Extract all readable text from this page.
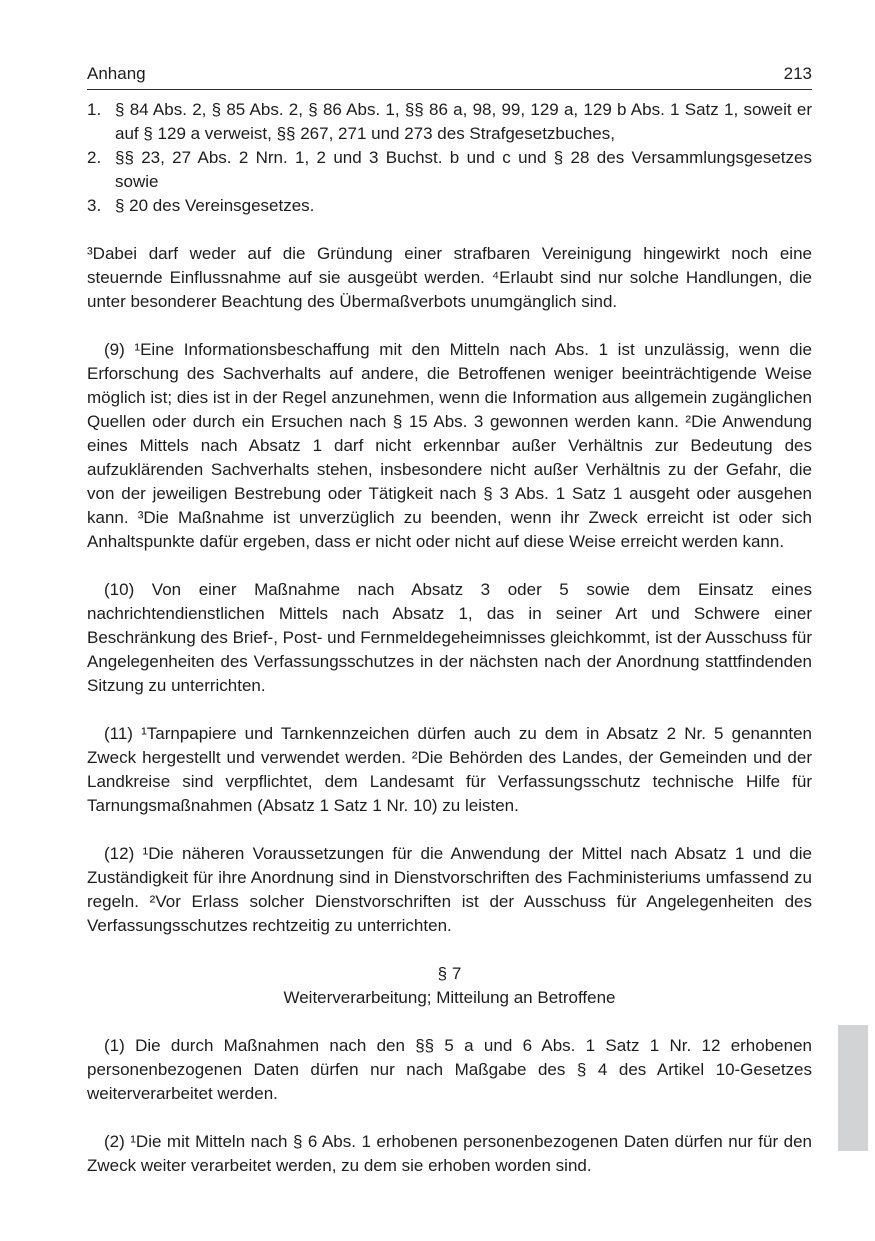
Anhang	213
1. § 84 Abs. 2, § 85 Abs. 2, § 86 Abs. 1, §§ 86 a, 98, 99, 129 a, 129 b Abs. 1 Satz 1, soweit er auf § 129 a verweist, §§ 267, 271 und 273 des Strafgesetzbuches,
2. §§ 23, 27 Abs. 2 Nrn. 1, 2 und 3 Buchst. b und c und § 28 des Versammlungsgesetzes sowie
3. § 20 des Vereinsgesetzes.

³Dabei darf weder auf die Gründung einer strafbaren Vereinigung hingewirkt noch eine steuernde Einflussnahme auf sie ausgeübt werden. ⁴Erlaubt sind nur solche Handlungen, die unter besonderer Beachtung des Übermaßverbots unumgänglich sind.

(9) ¹Eine Informationsbeschaffung mit den Mitteln nach Abs. 1 ist unzulässig, wenn die Erforschung des Sachverhalts auf andere, die Betroffenen weniger beeinträchtigende Weise möglich ist; dies ist in der Regel anzunehmen, wenn die Information aus allgemein zugänglichen Quellen oder durch ein Ersuchen nach § 15 Abs. 3 gewonnen werden kann. ²Die Anwendung eines Mittels nach Absatz 1 darf nicht erkennbar außer Verhältnis zur Bedeutung des aufzuklärenden Sachverhalts stehen, insbesondere nicht außer Verhältnis zu der Gefahr, die von der jeweiligen Bestrebung oder Tätigkeit nach § 3 Abs. 1 Satz 1 ausgeht oder ausgehen kann. ³Die Maßnahme ist unverzüglich zu beenden, wenn ihr Zweck erreicht ist oder sich Anhaltspunkte dafür ergeben, dass er nicht oder nicht auf diese Weise erreicht werden kann.

(10) Von einer Maßnahme nach Absatz 3 oder 5 sowie dem Einsatz eines nachrichtendienstlichen Mittels nach Absatz 1, das in seiner Art und Schwere einer Beschränkung des Brief-, Post- und Fernmeldegeheimnisses gleichkommt, ist der Ausschuss für Angelegenheiten des Verfassungsschutzes in der nächsten nach der Anordnung stattfindenden Sitzung zu unterrichten.

(11) ¹Tarnpapiere und Tarnkennzeichen dürfen auch zu dem in Absatz 2 Nr. 5 genannten Zweck hergestellt und verwendet werden. ²Die Behörden des Landes, der Gemeinden und der Landkreise sind verpflichtet, dem Landesamt für Verfassungsschutz technische Hilfe für Tarnungsmaßnahmen (Absatz 1 Satz 1 Nr. 10) zu leisten.

(12) ¹Die näheren Voraussetzungen für die Anwendung der Mittel nach Absatz 1 und die Zuständigkeit für ihre Anordnung sind in Dienstvorschriften des Fachministeriums umfassend zu regeln. ²Vor Erlass solcher Dienstvorschriften ist der Ausschuss für Angelegenheiten des Verfassungsschutzes rechtzeitig zu unterrichten.

§ 7
Weiterverarbeitung; Mitteilung an Betroffene

(1) Die durch Maßnahmen nach den §§ 5 a und 6 Abs. 1 Satz 1 Nr. 12 erhobenen personenbezogenen Daten dürfen nur nach Maßgabe des § 4 des Artikel 10-Gesetzes weiterverarbeitet werden.

(2) ¹Die mit Mitteln nach § 6 Abs. 1 erhobenen personenbezogenen Daten dürfen nur für den Zweck weiter verarbeitet werden, zu dem sie erhoben worden sind.
